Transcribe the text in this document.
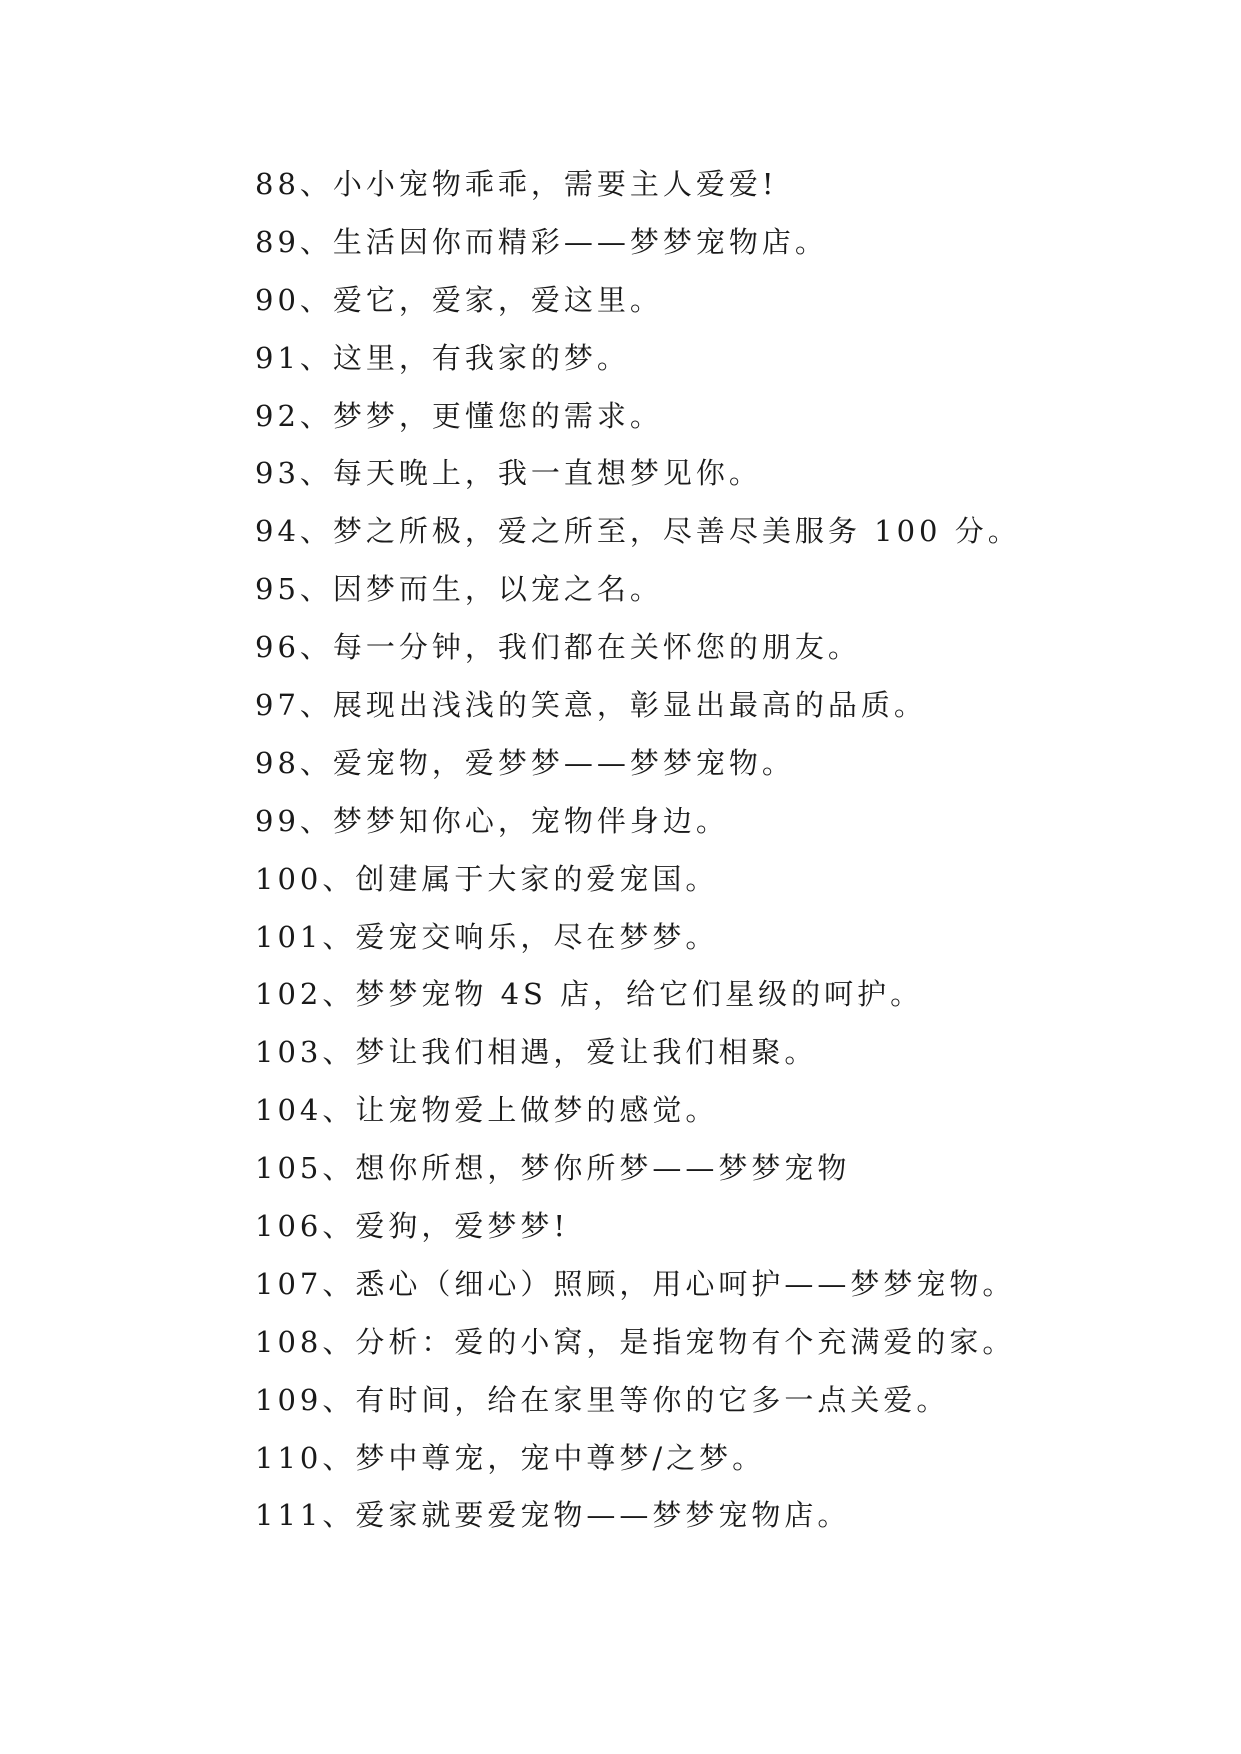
88、小小宠物乖乖，需要主人爱爱!
89、生活因你而精彩——梦梦宠物店。
90、爱它，爱家，爱这里。
91、这里，有我家的梦。
92、梦梦，更懂您的需求。
93、每天晚上，我一直想梦见你。
94、梦之所极，爱之所至，尽善尽美服务 100 分。
95、因梦而生，以宠之名。
96、每一分钟，我们都在关怀您的朋友。
97、展现出浅浅的笑意，彰显出最高的品质。
98、爱宠物，爱梦梦——梦梦宠物。
99、梦梦知你心，宠物伴身边。
100、创建属于大家的爱宠国。
101、爱宠交响乐，尽在梦梦。
102、梦梦宠物 4S 店，给它们星级的呵护。
103、梦让我们相遇，爱让我们相聚。
104、让宠物爱上做梦的感觉。
105、想你所想，梦你所梦——梦梦宠物
106、爱狗，爱梦梦!
107、悉心（细心）照顾，用心呵护——梦梦宠物。
108、分析：爱的小窝，是指宠物有个充满爱的家。
109、有时间，给在家里等你的它多一点关爱。
110、梦中尊宠，宠中尊梦/之梦。
111、爱家就要爱宠物——梦梦宠物店。
